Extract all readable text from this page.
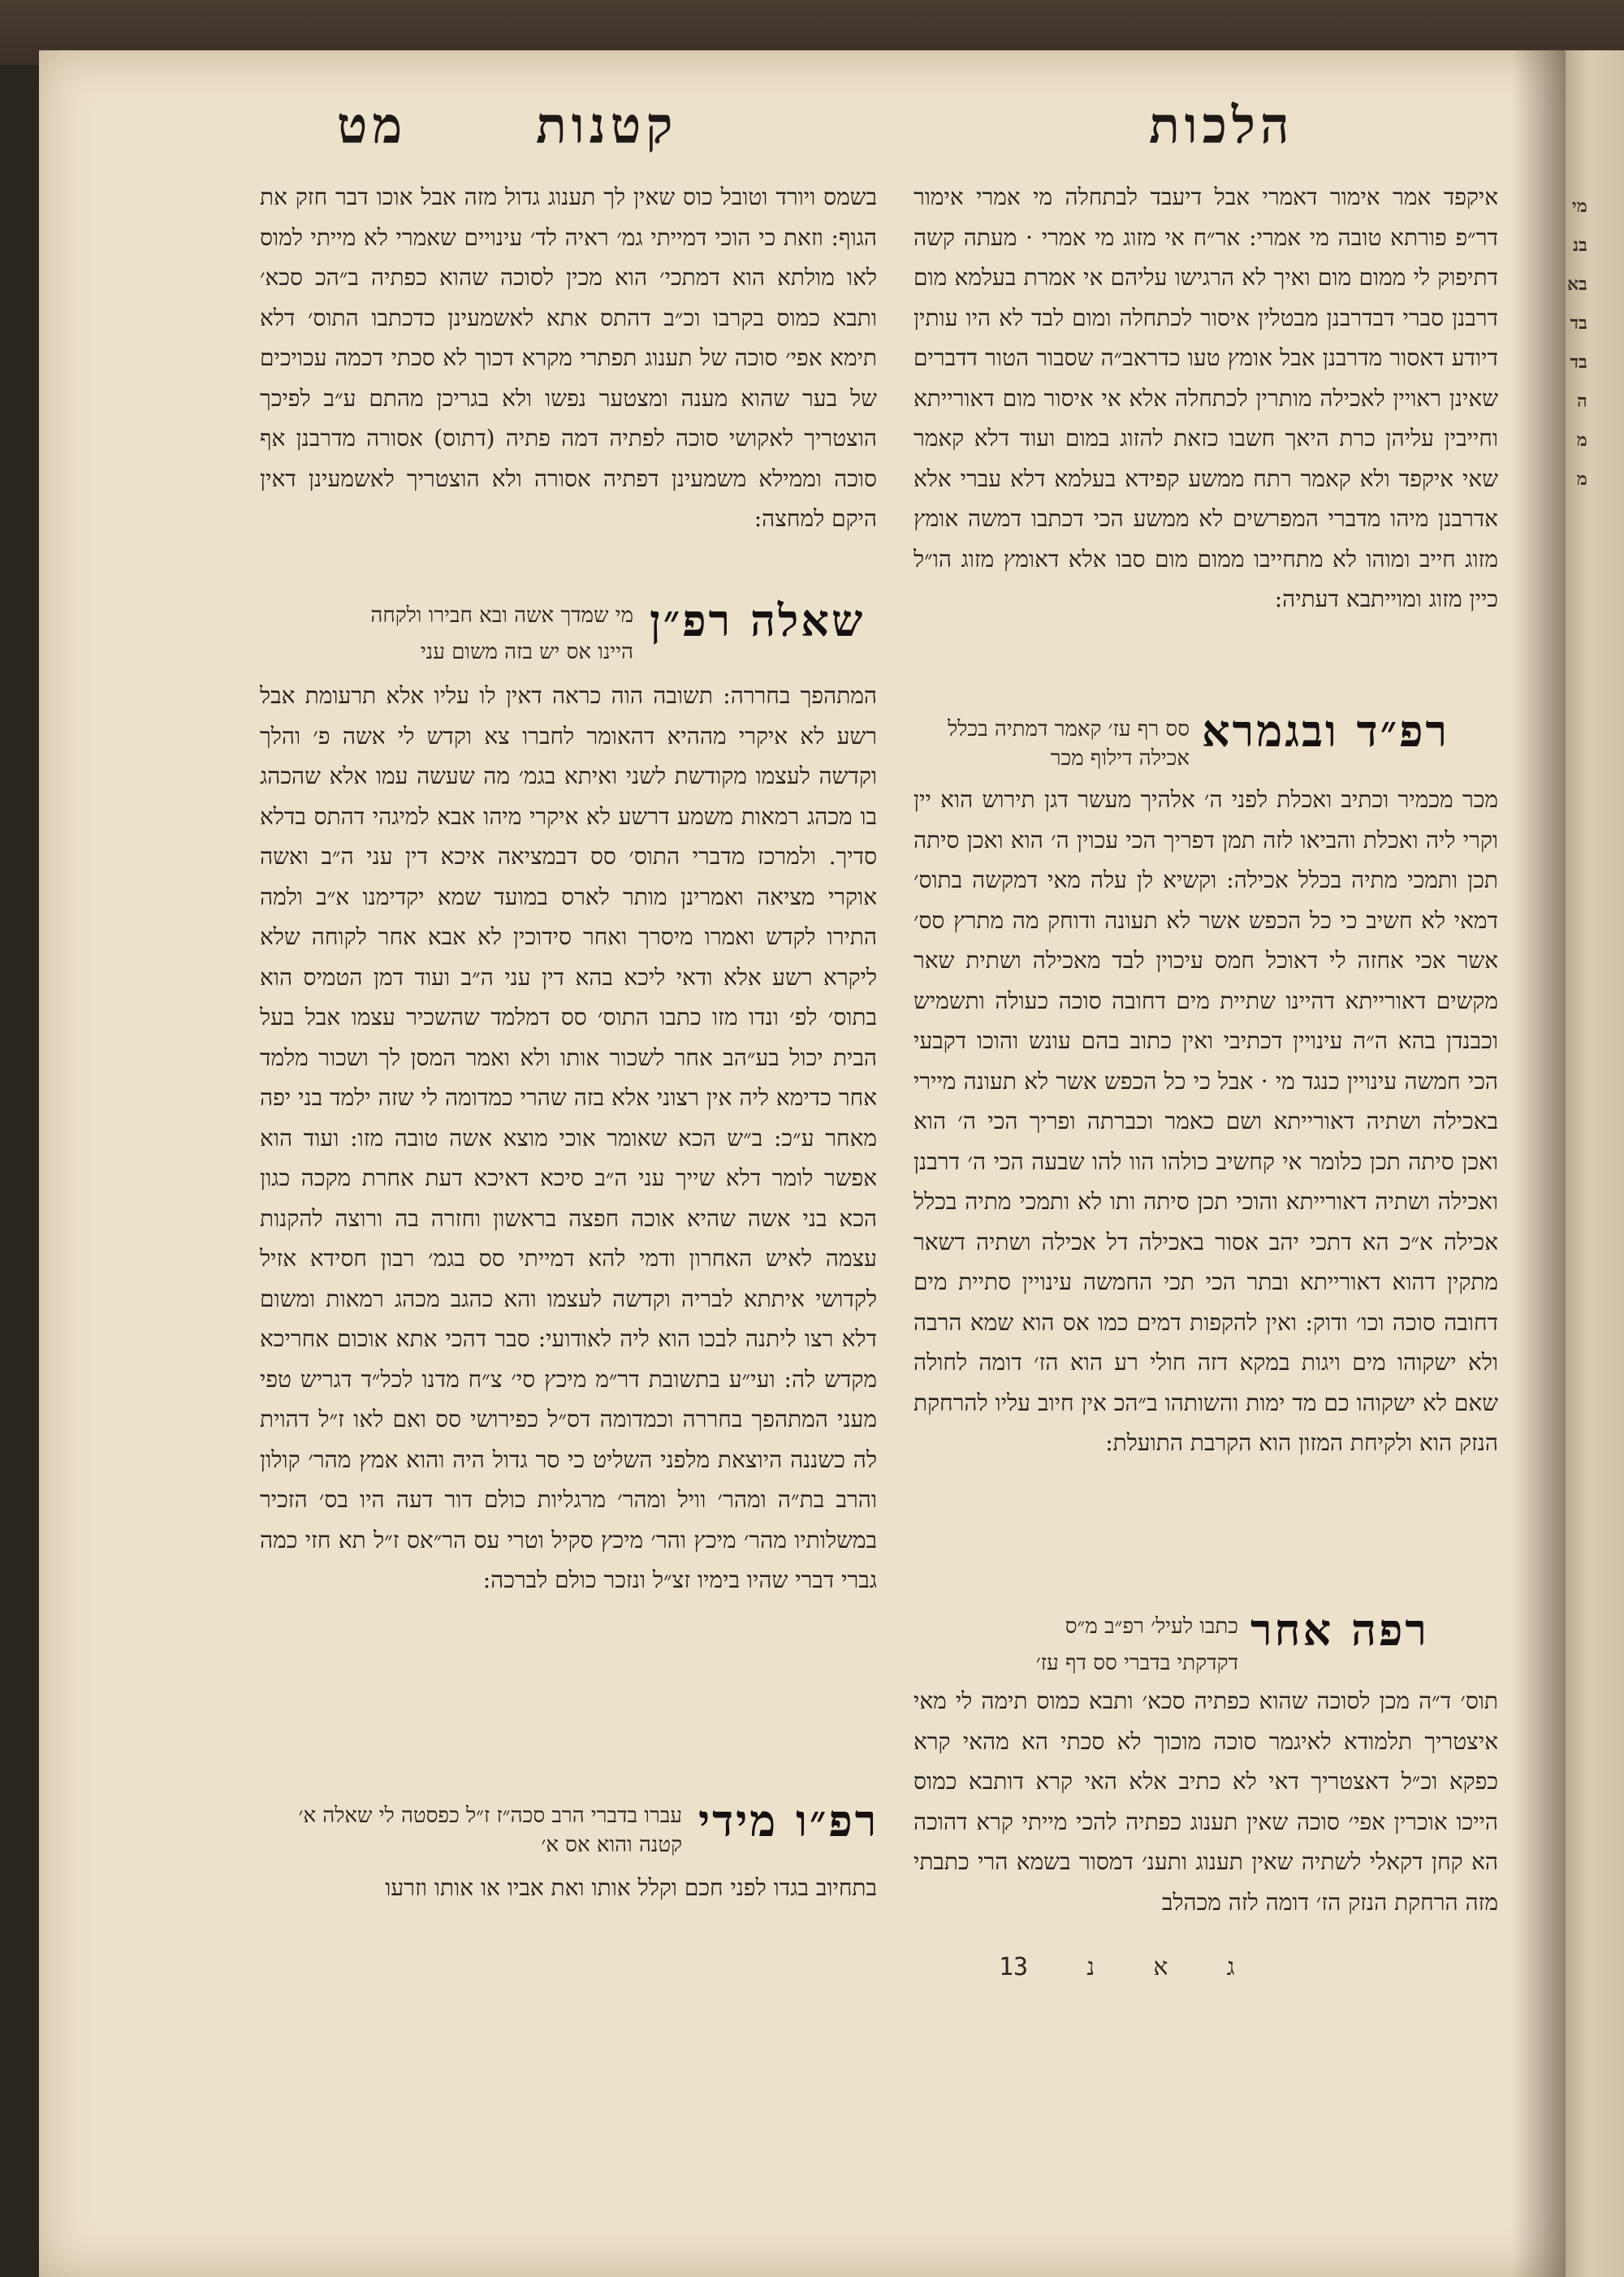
הלכות
קטנות
מט

איקפד אמר אימור דאמרי אבל דיעבד לבתחלה מי אמרי אימור דר״פ פורתא טובה מי אמרי: אר״ח אי מזוג מי אמרי · מעתה קשה דתיפוק לי ממום מום ואיך לא הרגישו עליהם אי אמרת בעלמא מום דרבנן סברי דבדרבנן מבטלין איסור לכתחלה ומום לבד לא היו עותין דיודע דאסור מדרבנן אבל אומץ טעו כדראב״ה שסבור הטור דדברים שאינן ראויין לאכילה מותרין לכתחלה אלא אי איסור מום דאורייתא וחייבין עליהן כרת היאך חשבו כזאת להזוג במום ועוד דלא קאמר שאי איקפד ולא קאמר רתח ממשע קפידא בעלמא דלא עברי אלא אדרבנן מיהו מדברי המפרשים לא ממשע הכי דכתבו דמשה אומץ מזוג חייב ומוהו לא מתחייבו ממום מום סבו אלא דאומץ מזוג הו״ל כיין מזוג ומוייתבא דעתיה:

רפ״ד ובגמרא
סס רף עז׳ קאמר דמתיה בכלל אכילה דילוף מכר

מכר מכמיר וכתיב ואכלת לפני ה׳ אלהיך מעשר דגן תירוש הוא יין וקרי ליה ואכלת והביאו לזה תמן דפריך הכי עכוין ה׳ הוא ואכן סיתה תכן ותמכי מתיה בכלל אכילה: וקשיא לן עלה מאי דמקשה בתוס׳ דמאי לא חשיב כי כל הכפש אשר לא תעונה ודוחק מה מתרץ סס׳ אשר אכי אחזה לי דאוכל חמס עיכוין לבד מאכילה ושתית שאר מקשים דאורייתא דהיינו שתיית מים דחובה סוכה כעולה ותשמיש וכבנדן בהא ה״ה עינויין דכתיבי ואין כתוב בהם עונש והוכו דקבעי הכי חמשה עינויין כנגד מי · אבל כי כל הכפש אשר לא תעונה מיירי באכילה ושתיה דאורייתא ושם כאמר וכברתה ופריך הכי ה׳ הוא ואכן סיתה תכן כלומר אי קחשיב כולהו הוו להו שבעה הכי ה׳ דרבנן ואכילה ושתיה דאורייתא והוכי תכן סיתה ותו לא ותמכי מתיה בכלל אכילה א״כ הא דתכי יהב אסור באכילה דל אכילה ושתיה דשאר מתקין דהוא דאורייתא ובתר הכי תכי החמשה עינויין סתיית מים דחובה סוכה וכו׳ ודוק: ואין להקפות דמים כמו אס הוא שמא הרבה ולא ישקוהו מים ויגות במקא דזה חולי רע הוא הז׳ דומה לחולה שאם לא ישקוהו כם מד ימות והשותהו ב״הכ אין חיוב עליו להרחקת הנזק הוא ולקיחת המזון הוא הקרבת התועלת:

רפה אחר
כתבו לעיל׳ רפ״ב מ״ס
דקדקתי בדברי סס דף עז׳

תוס׳ ד״ה מכן לסוכה שהוא כפתיה סכא׳ ותבא כמוס תימה לי מאי איצטריך תלמודא לאיגמר סוכה מוכוך לא סכתי הא מהאי קרא כפקא וכ״ל דאצטריך דאי לא כתיב אלא האי קרא דותבא כמוס הייכו אוכרין אפי׳ סוכה שאין תענוג כפתיה להכי מייתי קרא דהוכה הא קחן דקאלי לשתיה שאין תענוג ותענ׳ דמסור בשמא הרי כתבתי מזה הרחקת הנזק הז׳ דומה לזה מכהלב

בשמס ויורד וטובל כוס שאין לך תענוג גדול מזה אבל אוכו דבר חזק את הגוף: וזאת כי הוכי דמייתי גמ׳ ראיה לד׳ עינויים שאמרי לא מייתי למוס לאו מולתא הוא דמתכי׳ הוא מכין לסוכה שהוא כפתיה ב״הכ סכא׳ ותבא כמוס בקרבו וכ״ב דהתס אתא לאשמעינן כדכתבו התוס׳ דלא תימא אפי׳ סוכה של תענוג תפתרי מקרא דכוך לא סכתי דכמה עכויכים של בער שהוא מענה ומצטער נפשו ולא בגריכן מהתם ע״ב לפיכך הוצטריך לאקושי סוכה לפתיה דמה פתיה (דתוס) אסורה מדרבנן אף סוכה וממילא משמעינן דפתיה אסורה ולא הוצטריך לאשמעינן דאין היקם למחצה:

שאלה רפ״ן
מי שמדך אשה ובא חבירו ולקחה
היינו אס יש בזה משום עני

המתהפך בחררה: תשובה הוה כראה דאין לו עליו אלא תרעומת אבל רשע לא איקרי מההיא דהאומר לחברו צא וקדש לי אשה פ׳ והלך וקדשה לעצמו מקודשת לשני ואיתא בגמ׳ מה שעשה עמו אלא שהכהג בו מכהג רמאות משמע דרשע לא איקרי מיהו אבא למיגהי דהתס בדלא סדיך. ולמרכז מדברי התוס׳ סס דבמציאה איכא דין עני ה״ב ואשה אוקרי מציאה ואמרינן מותר לארס במועד שמא יקדימנו א״ב ולמה התירו לקדש ואמרו מיסרך ואחר סידוכין לא אבא אחר לקוחה שלא ליקרא רשע אלא ודאי ליכא בהא דין עני ה״ב ועוד דמן הטמיס הוא בתוס׳ לפ׳ ונדו מזו כתבו התוס׳ סס דמלמד שהשכיר עצמו אבל בעל הבית יכול בע״הב אחר לשכור אותו ולא ואמר המסן לך ושכור מלמד אחר כדימא ליה אין רצוני אלא בזה שהרי כמדומה לי שזה ילמד בני יפה מאחר ע״כ: ב״ש הכא שאומר אוכי מוצא אשה טובה מזו: ועוד הוא אפשר לומר דלא שייך עני ה״ב סיכא דאיכא דעת אחרת מקכה כגון הכא בני אשה שהיא אוכה חפצה בראשון וחזרה בה ורוצה להקנות עצמה לאיש האחרון ודמי להא דמייתי סס בגמ׳ רבון חסידא אזיל לקדושי איתתא לבריה וקדשה לעצמו והא כהגב מכהג רמאות ומשום דלא רצו ליתנה לבכו הוא ליה לאודועי: סבר דהכי אתא אוכום אחריכא מקדש לה: ועי״ע בתשובת דר״מ מיכץ סי׳ צ״ח מדנו לכל״ד דגריש טפי מעני המתהפך בחררה וכמדומה דס״ל כפירושי סס ואם לאו ז״ל דהוית לה כשננה היוצאת מלפני השליט כי סר גדול היה והוא אמץ מהר׳ קולון והרב בת״ה ומהר׳ וויל ומהר׳ מרגליות כולם דור דעה היו בס׳ הזכיר במשלותיו מהר׳ מיכץ והר׳ מיכץ סקיל וטרי עס הר״אס ז״ל תא חזי כמה גברי דברי שהיו בימיו זצ״ל ונזכר כולם לברכה:

רפ״ו מידי
עברו בדברי הרב סכה״ז ז״ל כפסטה לי שאלה א׳ קטנה והוא אס א׳

בתחיוב בגדו לפני חכם וקלל אותו ואת אביו או אותו וזרעו

13    ג    א    נ
מי
בנ
בא
בד
בד
ה
מ
מ
